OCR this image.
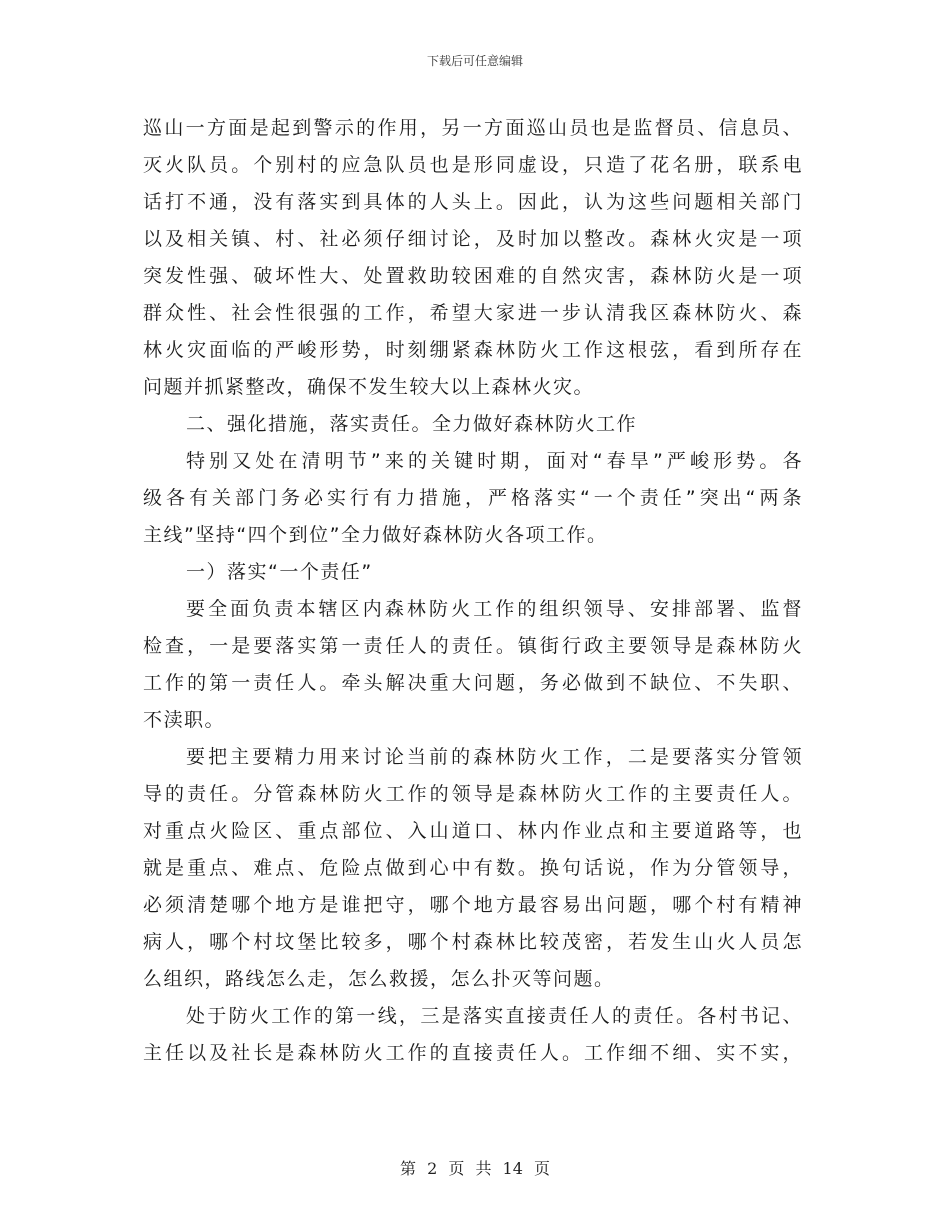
下载后可任意编辑
巡山一方面是起到警示的作用，另一方面巡山员也是监督员、信息员、
灭火队员。个别村的应急队员也是形同虚设，只造了花名册，联系电
话打不通，没有落实到具体的人头上。因此，认为这些问题相关部门
以及相关镇、村、社必须仔细讨论，及时加以整改。森林火灾是一项
突发性强、破坏性大、处置救助较困难的自然灾害，森林防火是一项
群众性、社会性很强的工作，希望大家进一步认清我区森林防火、森
林火灾面临的严峻形势，时刻绷紧森林防火工作这根弦，看到所存在
问题并抓紧整改，确保不发生较大以上森林火灾。
二、强化措施，落实责任。全力做好森林防火工作
特别又处在清明节”来的关键时期，面对“春旱”严峻形势。各
级各有关部门务必实行有力措施，严格落实“一个责任”突出“两条
主线”坚持“四个到位”全力做好森林防火各项工作。
一）落实“一个责任”
要全面负责本辖区内森林防火工作的组织领导、安排部署、监督
检查，一是要落实第一责任人的责任。镇街行政主要领导是森林防火
工作的第一责任人。牵头解决重大问题，务必做到不缺位、不失职、
不渎职。
要把主要精力用来讨论当前的森林防火工作，二是要落实分管领
导的责任。分管森林防火工作的领导是森林防火工作的主要责任人。
对重点火险区、重点部位、入山道口、林内作业点和主要道路等，也
就是重点、难点、危险点做到心中有数。换句话说，作为分管领导，
必须清楚哪个地方是谁把守，哪个地方最容易出问题，哪个村有精神
病人，哪个村坟堡比较多，哪个村森林比较茂密，若发生山火人员怎
么组织，路线怎么走，怎么救援，怎么扑灭等问题。
处于防火工作的第一线，三是落实直接责任人的责任。各村书记、
主任以及社长是森林防火工作的直接责任人。工作细不细、实不实，
第 2 页 共 14 页
